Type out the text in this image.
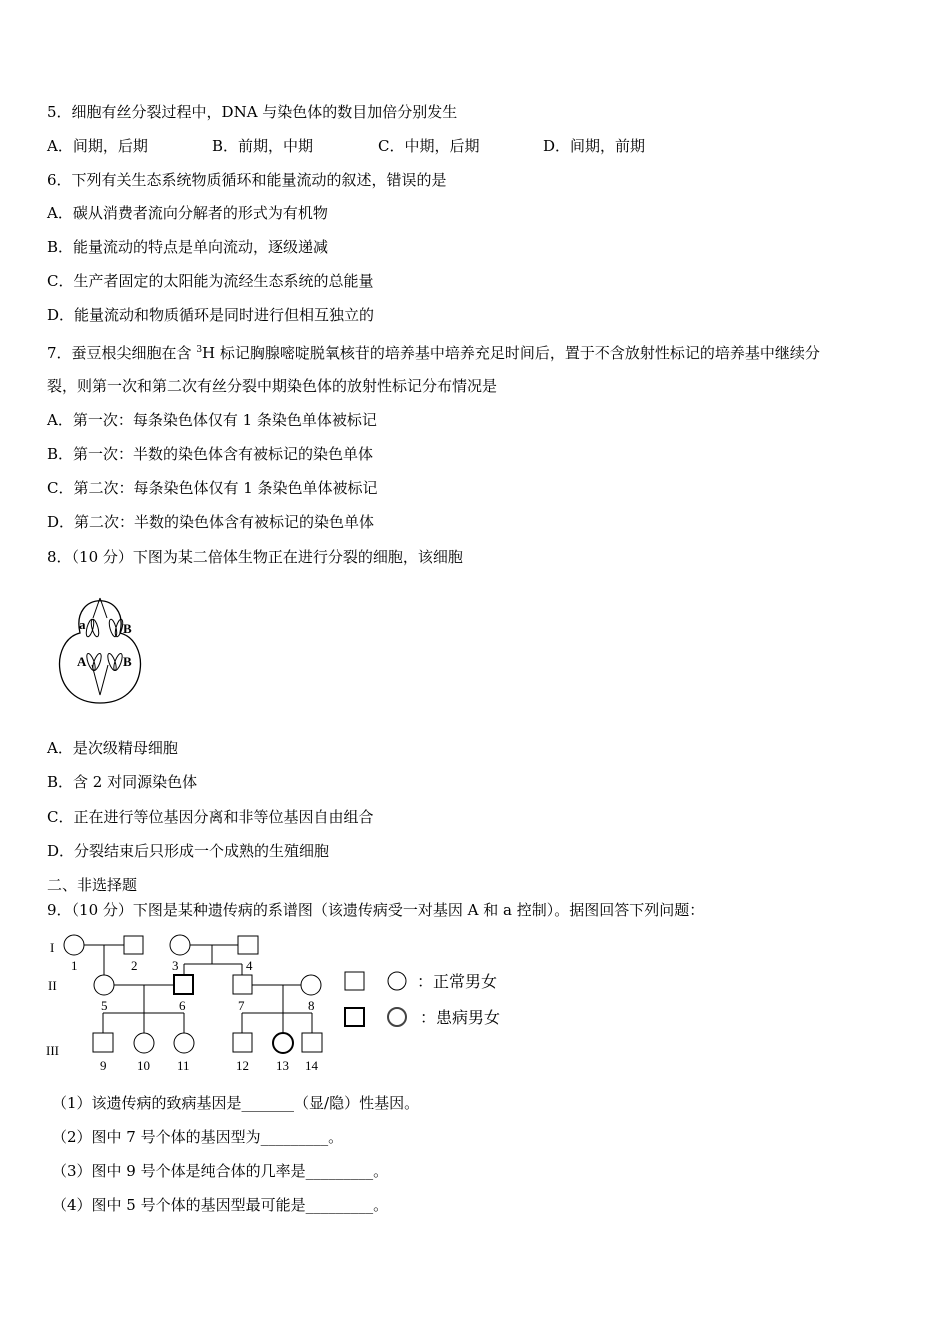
5．细胞有丝分裂过程中，DNA 与染色体的数目加倍分别发生
A．间期，后期	B．前期，中期	C．中期，后期	D．间期，前期
6．下列有关生态系统物质循环和能量流动的叙述，错误的是
A．碳从消费者流向分解者的形式为有机物
B．能量流动的特点是单向流动，逐级递减
C．生产者固定的太阳能为流经生态系统的总能量
D．能量流动和物质循环是同时进行但相互独立的
7．蚕豆根尖细胞在含 $^3$H 标记胸腺嘧啶脱氧核苷的培养基中培养充足时间后，置于不含放射性标记的培养基中继续分
裂，则第一次和第二次有丝分裂中期染色体的放射性标记分布情况是
A．第一次：每条染色体仅有 1 条染色单体被标记
B．第一次：半数的染色体含有被标记的染色单体
C．第二次：每条染色体仅有 1 条染色单体被标记
D．第二次：半数的染色体含有被标记的染色单体
8．（10 分）下图为某二倍体生物正在进行分裂的细胞，该细胞
a	B
A	B
A．是次级精母细胞
B．含 2 对同源染色体
C．正在进行等位基因分离和非等位基因自由组合
D．分裂结束后只形成一个成熟的生殖细胞
二、非选择题
9．（10 分）下图是某种遗传病的系谱图（该遗传病受一对基因 A 和 a 控制）。据图回答下列问题：
I
II
III
1	2	3	4
5	6	7	8
9 10 11	12 13 14
：正常男女
：患病男女
（1）该遗传病的致病基因是_______（显/隐）性基因。
（2）图中 7 号个体的基因型为_________。
（3）图中 9 号个体是纯合体的几率是_________。
（4）图中 5 号个体的基因型最可能是_________。
